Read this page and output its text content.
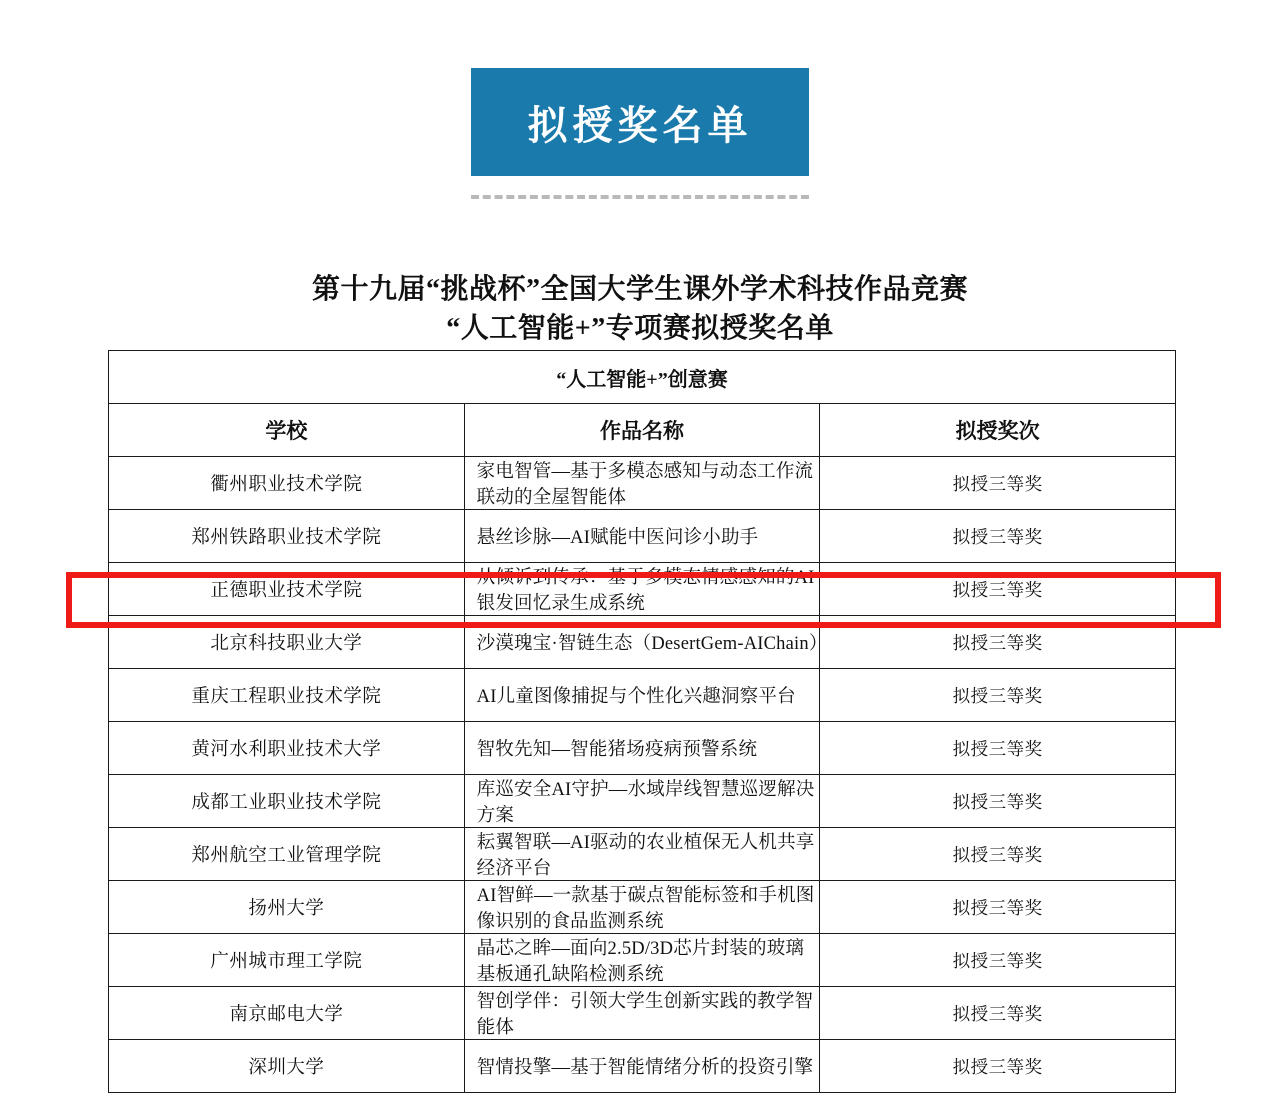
拟授奖名单
第十九届“挑战杯”全国大学生课外学术科技作品竞赛
“人工智能+”专项赛拟授奖名单
“人工智能+”创意赛		
学校	作品名称	拟授奖次
衢州职业技术学院	家电智管—基于多模态感知与动态工作流联动的全屋智能体	拟授三等奖
郑州铁路职业技术学院	悬丝诊脉—AI赋能中医问诊小助手	拟授三等奖
正德职业技术学院	从倾诉到传承：基于多模态情感感知的AI银发回忆录生成系统	拟授三等奖
北京科技职业大学	沙漠瑰宝·智链生态（DesertGem-AIChain）	拟授三等奖
重庆工程职业技术学院	AI儿童图像捕捉与个性化兴趣洞察平台	拟授三等奖
黄河水利职业技术大学	智牧先知—智能猪场疫病预警系统	拟授三等奖
成都工业职业技术学院	库巡安全AI守护—水域岸线智慧巡逻解决方案	拟授三等奖
郑州航空工业管理学院	耘翼智联—AI驱动的农业植保无人机共享经济平台	拟授三等奖
扬州大学	AI智鲜—一款基于碳点智能标签和手机图像识别的食品监测系统	拟授三等奖
广州城市理工学院	晶芯之眸—面向2.5D/3D芯片封装的玻璃基板通孔缺陷检测系统	拟授三等奖
南京邮电大学	智创学伴：引领大学生创新实践的教学智能体	拟授三等奖
深圳大学	智情投擎—基于智能情绪分析的投资引擎	拟授三等奖
